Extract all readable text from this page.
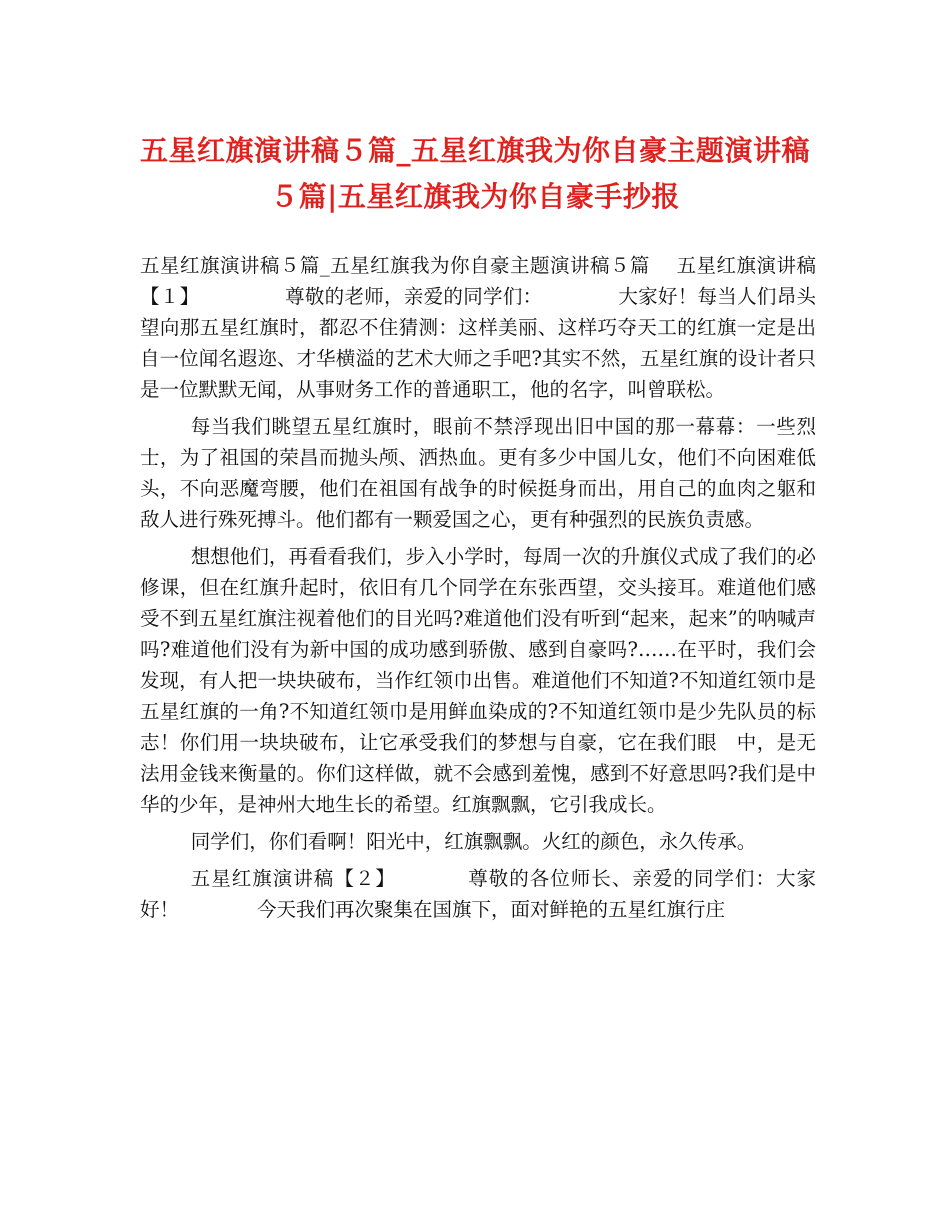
五星红旗演讲稿５篇_五星红旗我为你自豪主题演讲稿５篇|五星红旗我为你自豪手抄报

五星红旗演讲稿５篇_五星红旗我为你自豪主题演讲稿５篇　 五星红旗演讲稿【１】 　　　　尊敬的老师，亲爱的同学们：　　　　 大家好！每当人们昂头望向那五星红旗时，都忍不住猜测：这样美丽、这样巧夺天工的红旗一定是出自一位闻名遐迩、才华横溢的艺术大师之手吧?其实不然，五星红旗的设计者只是一位默默无闻，从事财务工作的普通职工，他的名字，叫曾联松。

每当我们眺望五星红旗时，眼前不禁浮现出旧中国的那一幕幕：一些烈士，为了祖国的荣昌而抛头颅、洒热血。更有多少中国儿女，他们不向困难低头，不向恶魔弯腰，他们在祖国有战争的时候挺身而出，用自己的血肉之躯和敌人进行殊死搏斗。他们都有一颗爱国之心，更有种强烈的民族负责感。

想想他们，再看看我们，步入小学时，每周一次的升旗仪式成了我们的必修课，但在红旗升起时，依旧有几个同学在东张西望，交头接耳。难道他们感受不到五星红旗注视着他们的目光吗?难道他们没有听到“起来，起来”的呐喊声吗?难道他们没有为新中国的成功感到骄傲、感到自豪吗?……在平时，我们会发现，有人把一块块破布，当作红领巾出售。难道他们不知道?不知道红领巾是五星红旗的一角?不知道红领巾是用鲜血染成的?不知道红领巾是少先队员的标志！你们用一块块破布，让它承受我们的梦想与自豪，它在我们眼　中，是无法用金钱来衡量的。你们这样做，就不会感到羞愧，感到不好意思吗?我们是中华的少年，是神州大地生长的希望。红旗飘飘，它引我成长。

同学们，你们看啊！阳光中，红旗飘飘。火红的颜色，永久传承。

五星红旗演讲稿【２】　　　　尊敬的各位师长、亲爱的同学们：大家好！　　　　今天我们再次聚集在国旗下，面对鲜艳的五星红旗行庄
